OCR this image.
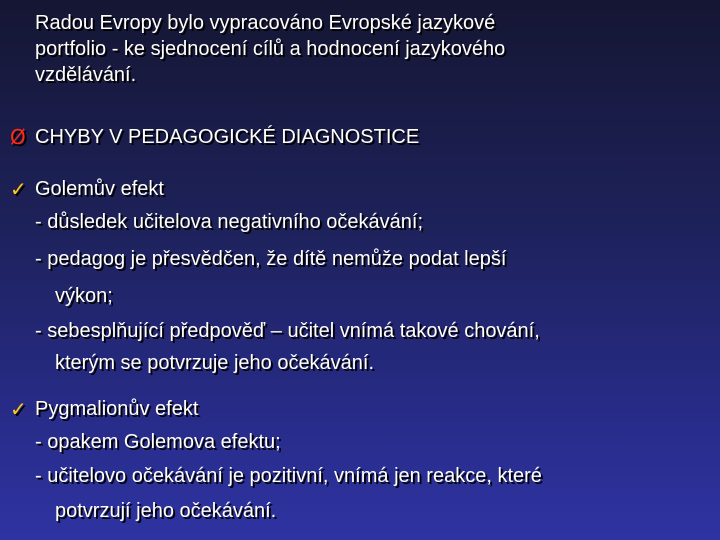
Radou Evropy bylo vypracováno Evropské jazykové
portfolio - ke sjednocení cílů a hodnocení jazykového
vzdělávání.
Ø CHYBY V PEDAGOGICKÉ DIAGNOSTICE
✓ Golemův efekt
- důsledek učitelova negativního očekávání;
- pedagog je přesvědčen, že dítě nemůže podat lepší
výkon;
- sebesplňující předpověď – učitel vnímá takové chování,
kterým se potvrzuje jeho očekávání.
✓ Pygmalionův efekt
- opakem Golemova efektu;
- učitelovo očekávání je pozitivní, vnímá jen reakce, které
potvrzují jeho očekávání.
